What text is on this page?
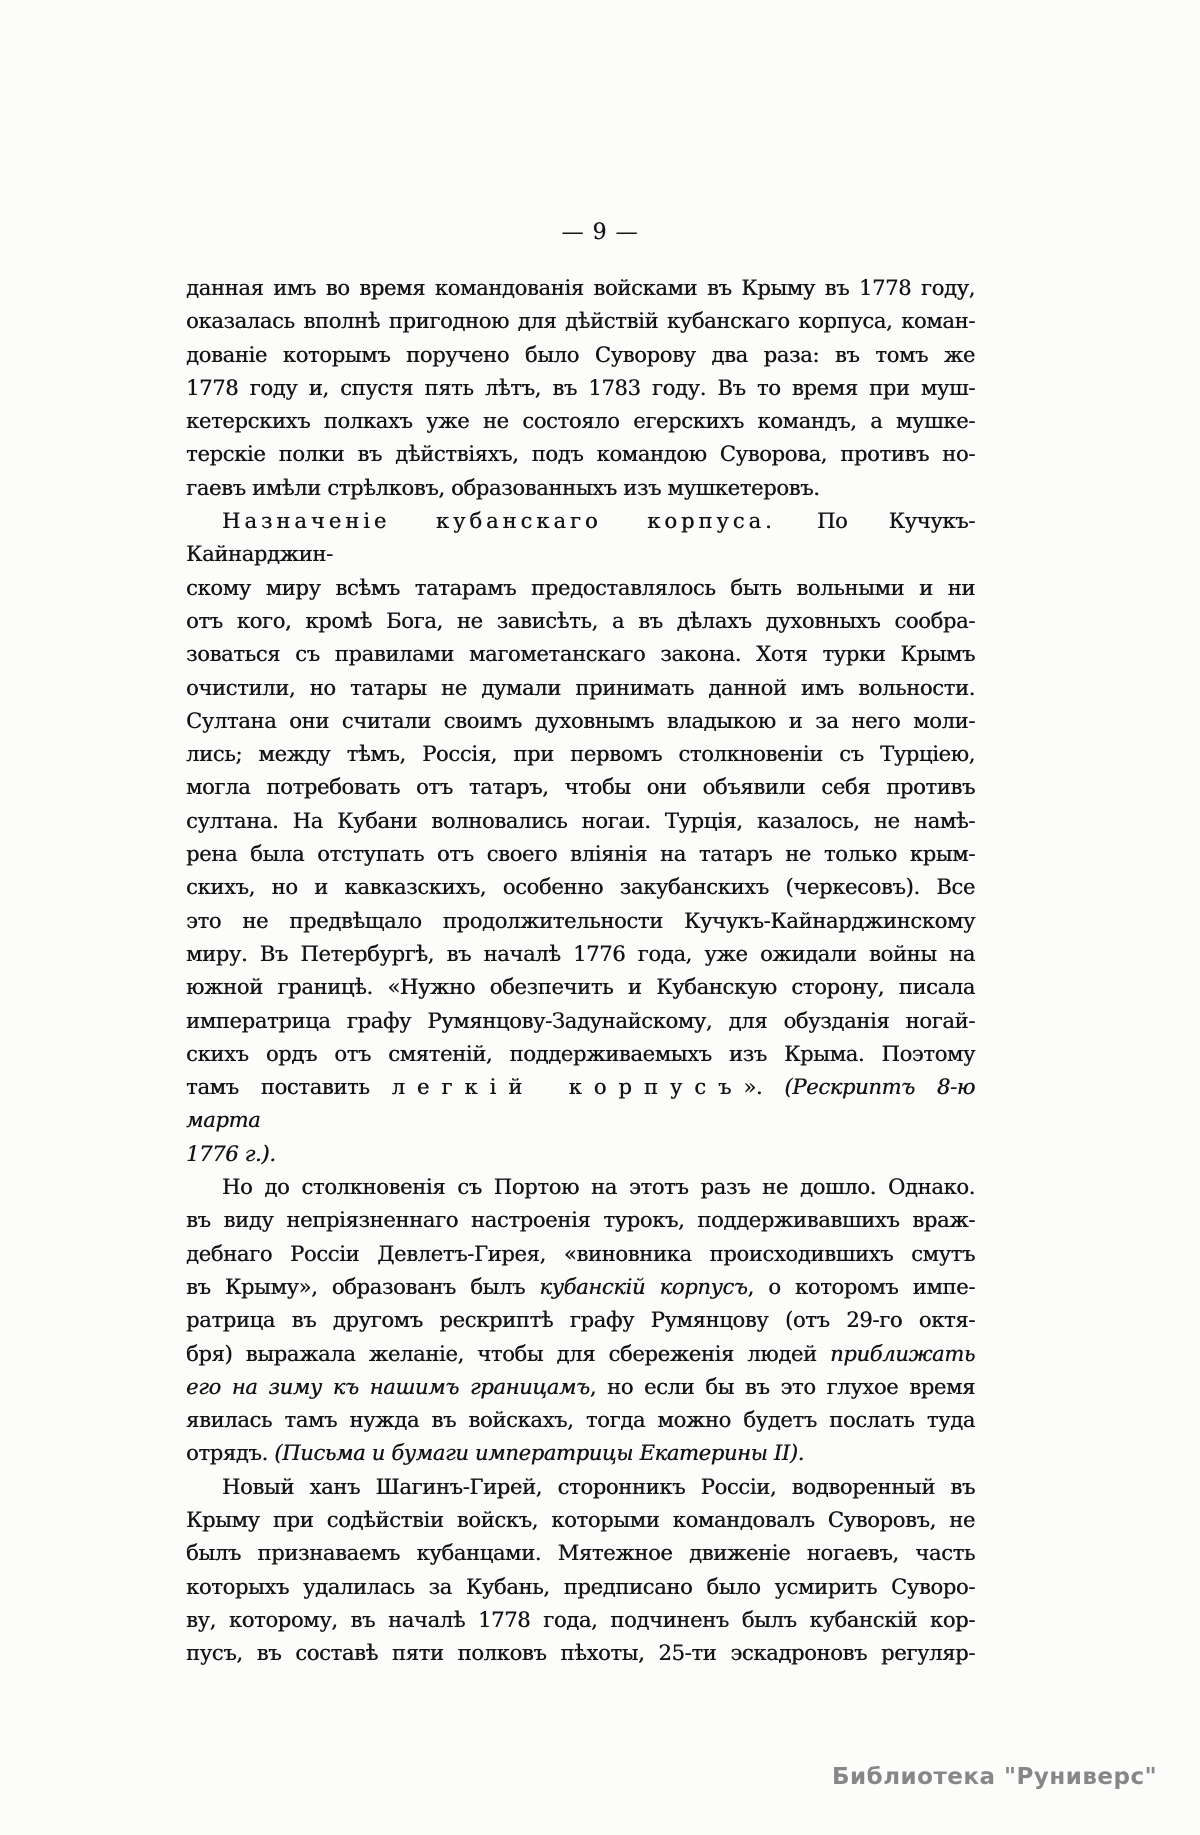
— 9 —
данная имъ во время командованія войсками въ Крыму въ 1778 году,
оказалась вполнѣ пригодною для дѣйствій кубанскаго корпуса, коман-
дованіе которымъ поручено было Суворову два раза: въ томъ же
1778 году и, спустя пять лѣтъ, въ 1783 году. Въ то время при муш-
кетерскихъ полкахъ уже не состояло егерскихъ командъ, а мушке-
терскіе полки въ дѣйствіяхъ, подъ командою Суворова, противъ но-
гаевъ имѣли стрѣлковъ, образованныхъ изъ мушкетеровъ.
Назначеніе кубанскаго корпуса. По Кучукъ-Кайнарджин-
скому миру всѣмъ татарамъ предоставлялось быть вольными и ни
отъ кого, кромѣ Бога, не зависѣть, а въ дѣлахъ духовныхъ сообра-
зоваться съ правилами магометанскаго закона. Хотя турки Крымъ
очистили, но татары не думали принимать данной имъ вольности.
Султана они считали своимъ духовнымъ владыкою и за него моли-
лись; между тѣмъ, Россія, при первомъ столкновеніи съ Турціею,
могла потребовать отъ татаръ, чтобы они объявили себя противъ
султана. На Кубани волновались ногаи. Турція, казалось, не намѣ-
рена была отступать отъ своего вліянія на татаръ не только крым-
скихъ, но и кавказскихъ, особенно закубанскихъ (черкесовъ). Все
это не предвѣщало продолжительности Кучукъ-Кайнарджинскому
миру. Въ Петербургѣ, въ началѣ 1776 года, уже ожидали войны на
южной границѣ. «Нужно обезпечить и Кубанскую сторону, писала
императрица графу Румянцову-Задунайскому, для обузданія ногай-
скихъ ордъ отъ смятеній, поддерживаемыхъ изъ Крыма. Поэтому
тамъ поставить легкій корпусъ». (Рескриптъ 8-ю марта
1776 г.).
Но до столкновенія съ Портою на этотъ разъ не дошло. Однако.
въ виду непріязненнаго настроенія турокъ, поддерживавшихъ враж-
дебнаго Россіи Девлетъ-Гирея, «виновника происходившихъ смутъ
въ Крыму», образованъ былъ кубанскій корпусъ, о которомъ импе-
ратрица въ другомъ рескриптѣ графу Румянцову (отъ 29-го октя-
бря) выражала желаніе, чтобы для сбереженія людей приближать
его на зиму къ нашимъ границамъ, но если бы въ это глухое время
явилась тамъ нужда въ войскахъ, тогда можно будетъ послать туда
отрядъ. (Письма и бумаги императрицы Екатерины II).
Новый ханъ Шагинъ-Гирей, сторонникъ Россіи, водворенный въ
Крыму при содѣйствіи войскъ, которыми командовалъ Суворовъ, не
былъ признаваемъ кубанцами. Мятежное движеніе ногаевъ, часть
которыхъ удалилась за Кубань, предписано было усмирить Суворо-
ву, которому, въ началѣ 1778 года, подчиненъ былъ кубанскій кор-
пусъ, въ составѣ пяти полковъ пѣхоты, 25-ти эскадроновъ регуляр-
Библиотека "Руниверс"
